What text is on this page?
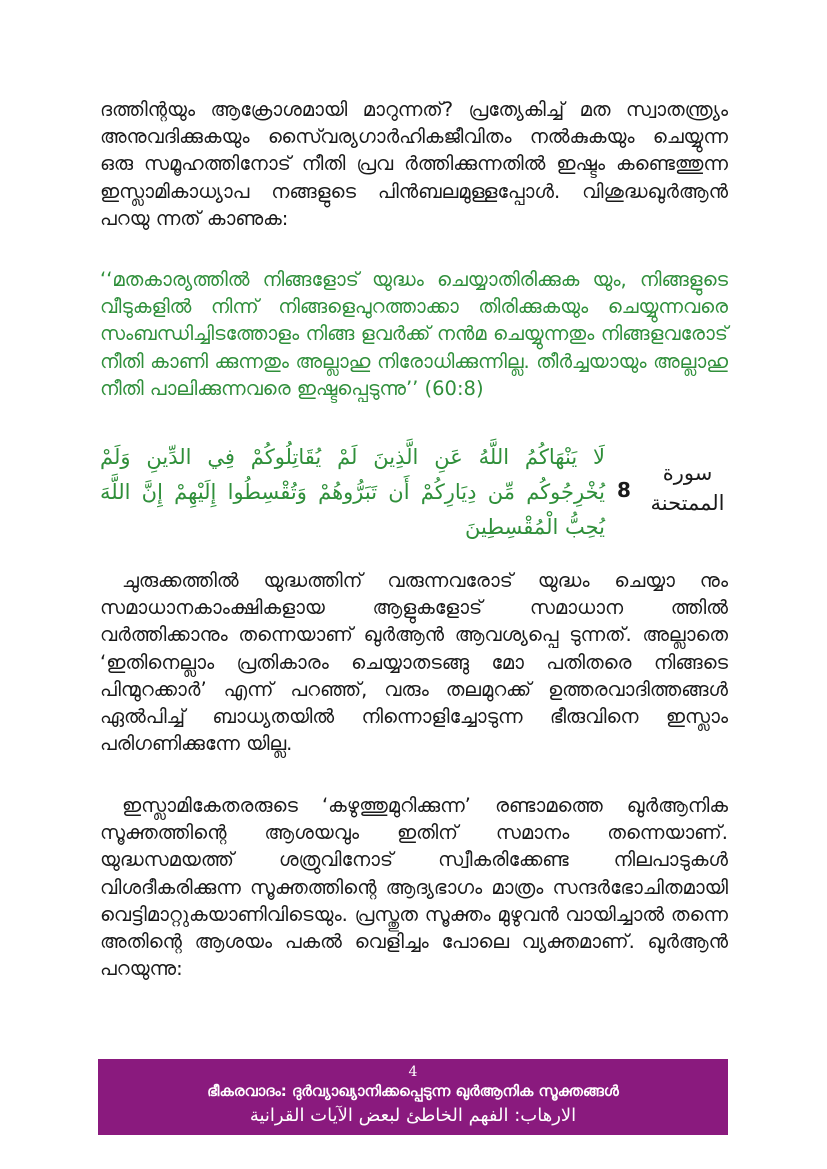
ദത്തിന്റയും ആക്രോശമായി മാറുന്നത്? പ്രത്യേകിച്ച് മത സ്വാതന്ത്ര്യം അനുവദിക്കുകയും സൈ്വര്യഗാർഹികജീവിതം നൽകുകയും ചെയ്യുന്ന ഒരു സമൂഹത്തിനോട് നീതി പ്രവ ർത്തിക്കുന്നതിൽ ഇഷ്ടം കണ്ടെത്തുന്ന ഇസ്ലാമികാധ്യാപ നങ്ങളുടെ പിൻബലമുള്ളപ്പോൾ. വിശുദ്ധഖുർആൻ പറയു ന്നത് കാണുക:

‘‘മതകാര്യത്തിൽ നിങ്ങളോട് യുദ്ധം ചെയ്യാതിരിക്കുക യും, നിങ്ങളുടെ വീടുകളിൽ നിന്ന് നിങ്ങളെപുറത്താക്കാ തിരിക്കുകയും ചെയ്യുന്നവരെ സംബന്ധിച്ചിടത്തോളം നിങ്ങ ളവർക്ക് നൻമ ചെയ്യുന്നതും നിങ്ങളവരോട് നീതി കാണി ക്കുന്നതും അല്ലാഹു നിരോധിക്കുന്നില്ല. തീർച്ചയായും അല്ലാഹു നീതി പാലിക്കുന്നവരെ ഇഷ്ടപ്പെടുന്നു’’ (60:8)

لَا يَنْهَاكُمُ اللَّهُ عَنِ الَّذِينَ لَمْ يُقَاتِلُوكُمْ فِي الدِّينِ وَلَمْ يُخْرِجُوكُم مِّن دِيَارِكُمْ أَن تَبَرُّوهُمْ وَتُقْسِطُوا إِلَيْهِمْ إِنَّ اللَّهَ يُحِبُّ الْمُقْسِطِينَ
8
سورة
الممتحنة

ചുരുക്കത്തിൽ യുദ്ധത്തിന് വരുന്നവരോട് യുദ്ധം ചെയ്യാ നും സമാധാനകാംക്ഷികളായ ആളുകളോട് സമാധാന ത്തിൽ വർത്തിക്കാനും തന്നെയാണ് ഖുർആൻ ആവശ്യപ്പെ ടുന്നത്. അല്ലാതെ ‘ഇതിനെല്ലാം പ്രതികാരം ചെയ്യാതടങ്ങു മോ പതിതരെ നിങ്ങടെ പിന്മുറക്കാർ’ എന്ന് പറഞ്ഞ്, വരും തലമുറക്ക് ഉത്തരവാദിത്തങ്ങൾ ഏൽപിച്ച് ബാധ്യതയിൽ നിന്നൊളിച്ചോടുന്ന ഭീരുവിനെ ഇസ്ലാം പരിഗണിക്കുന്നേ യില്ല.

ഇസ്ലാമികേതരരുടെ ‘കഴുത്തുമുറിക്കുന്ന’ രണ്ടാമത്തെ ഖുർആനിക സൂക്തത്തിന്റെ ആശയവും ഇതിന് സമാനം തന്നെയാണ്. യുദ്ധസമയത്ത് ശത്രുവിനോട് സ്വീകരിക്കേണ്ട നിലപാടുകൾ വിശദീകരിക്കുന്ന സൂക്തത്തിന്റെ ആദ്യഭാഗം മാത്രം സന്ദർഭോചിതമായി വെട്ടിമാറ്റുകയാണിവിടെയും. പ്രസ്തുത സൂക്തം മുഴുവൻ വായിച്ചാൽ തന്നെ അതിന്റെ ആശയം പകൽ വെളിച്ചം പോലെ വ്യക്തമാണ്. ഖുർആൻ പറയുന്നു:

4
ഭീകരവാദം: ദുർവ്യാഖ്യാനിക്കപ്പെടുന്ന ഖുർആനിക സൂക്തങ്ങൾ
الارهاب: الفهم الخاطئ لبعض الآيات القرانية
